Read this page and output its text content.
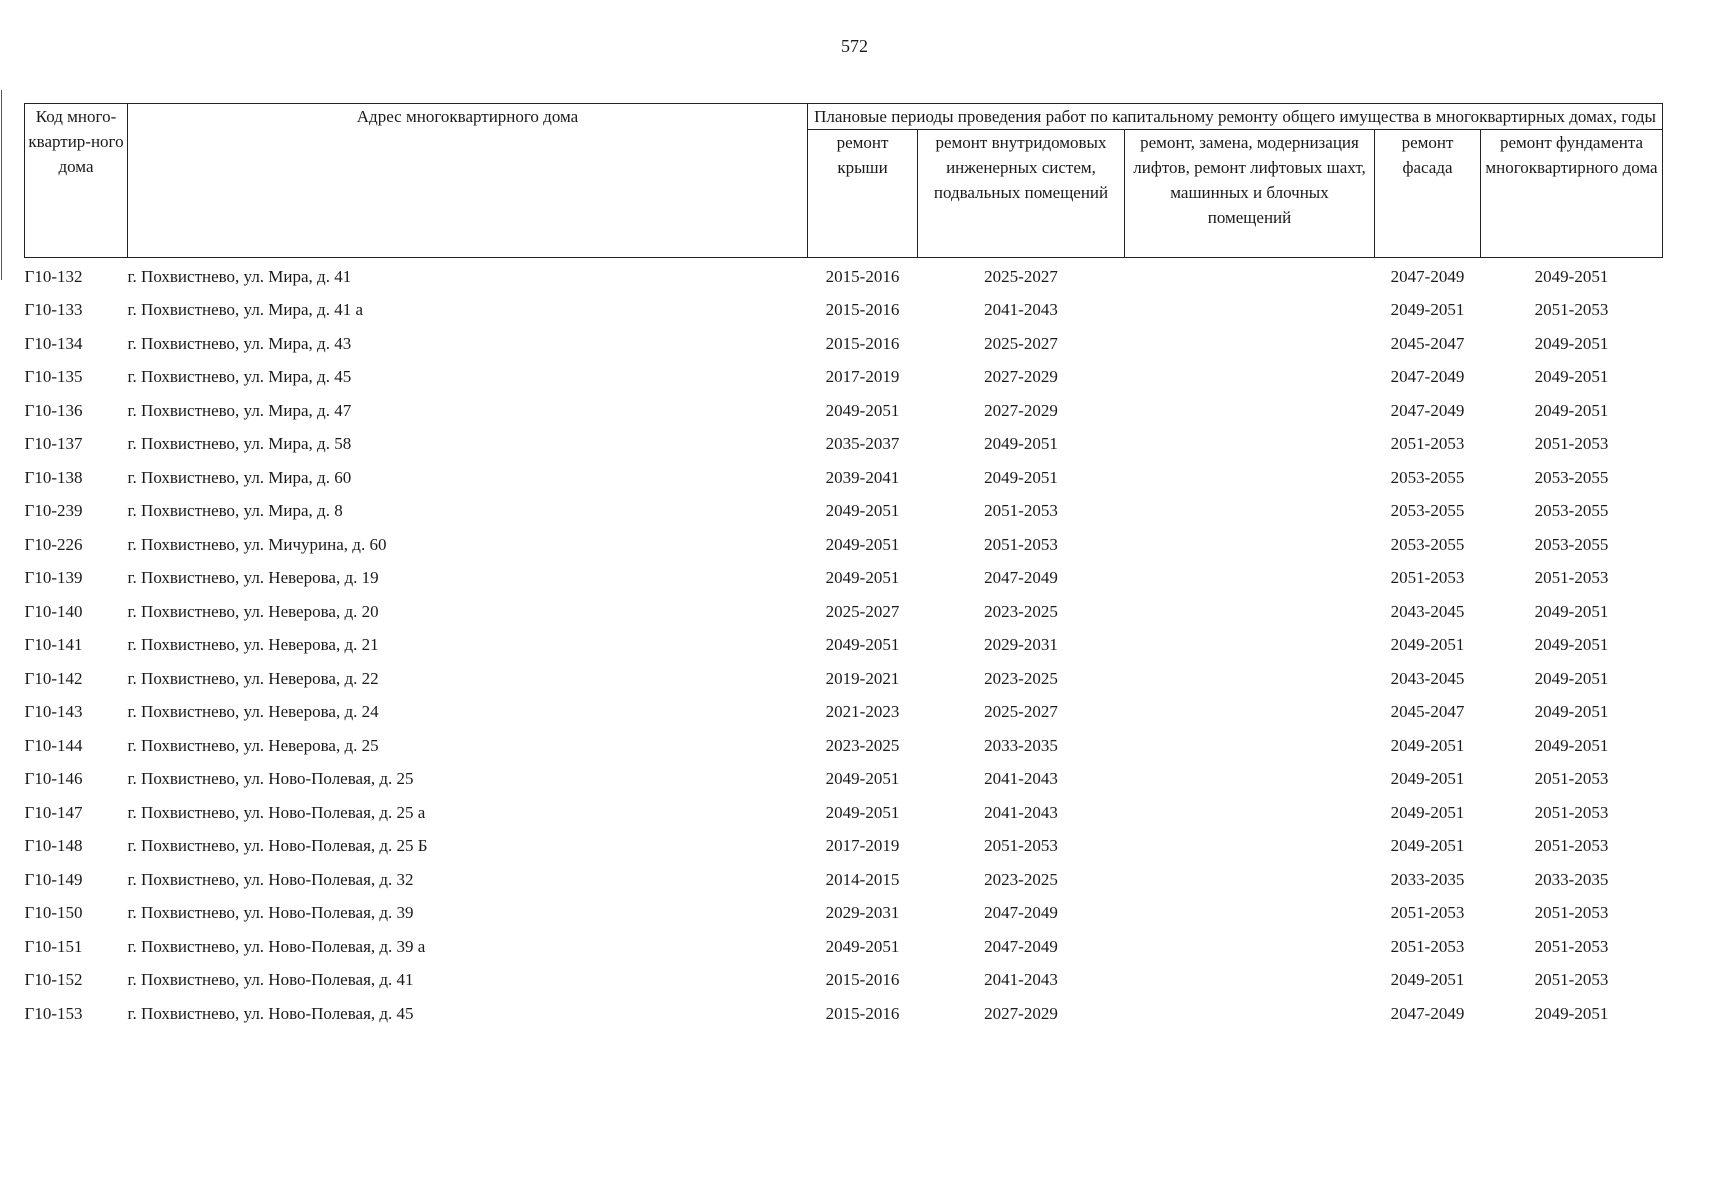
572
Код много-квартир-ного дома	Адрес многоквартирного дома	Плановые периоды проведения работ по капитальному ремонту общего имущества в многоквартирных домах, годы				
		ремонт крыши	ремонт внутридомовых инженерных систем, подвальных помещений	ремонт, замена, модернизация лифтов, ремонт лифтовых шахт, машинных и блочных помещений	ремонт фасада	ремонт фундамента многоквартирного дома
Г10-132	г. Похвистнево, ул. Мира, д. 41	2015-2016	2025-2027		2047-2049	2049-2051
Г10-133	г. Похвистнево, ул. Мира, д. 41 а	2015-2016	2041-2043		2049-2051	2051-2053
Г10-134	г. Похвистнево, ул. Мира, д. 43	2015-2016	2025-2027		2045-2047	2049-2051
Г10-135	г. Похвистнево, ул. Мира, д. 45	2017-2019	2027-2029		2047-2049	2049-2051
Г10-136	г. Похвистнево, ул. Мира, д. 47	2049-2051	2027-2029		2047-2049	2049-2051
Г10-137	г. Похвистнево, ул. Мира, д. 58	2035-2037	2049-2051		2051-2053	2051-2053
Г10-138	г. Похвистнево, ул. Мира, д. 60	2039-2041	2049-2051		2053-2055	2053-2055
Г10-239	г. Похвистнево, ул. Мира, д. 8	2049-2051	2051-2053		2053-2055	2053-2055
Г10-226	г. Похвистнево, ул. Мичурина, д. 60	2049-2051	2051-2053		2053-2055	2053-2055
Г10-139	г. Похвистнево, ул. Неверова, д. 19	2049-2051	2047-2049		2051-2053	2051-2053
Г10-140	г. Похвистнево, ул. Неверова, д. 20	2025-2027	2023-2025		2043-2045	2049-2051
Г10-141	г. Похвистнево, ул. Неверова, д. 21	2049-2051	2029-2031		2049-2051	2049-2051
Г10-142	г. Похвистнево, ул. Неверова, д. 22	2019-2021	2023-2025		2043-2045	2049-2051
Г10-143	г. Похвистнево, ул. Неверова, д. 24	2021-2023	2025-2027		2045-2047	2049-2051
Г10-144	г. Похвистнево, ул. Неверова, д. 25	2023-2025	2033-2035		2049-2051	2049-2051
Г10-146	г. Похвистнево, ул. Ново-Полевая, д. 25	2049-2051	2041-2043		2049-2051	2051-2053
Г10-147	г. Похвистнево, ул. Ново-Полевая, д. 25 а	2049-2051	2041-2043		2049-2051	2051-2053
Г10-148	г. Похвистнево, ул. Ново-Полевая, д. 25 Б	2017-2019	2051-2053		2049-2051	2051-2053
Г10-149	г. Похвистнево, ул. Ново-Полевая, д. 32	2014-2015	2023-2025		2033-2035	2033-2035
Г10-150	г. Похвистнево, ул. Ново-Полевая, д. 39	2029-2031	2047-2049		2051-2053	2051-2053
Г10-151	г. Похвистнево, ул. Ново-Полевая, д. 39 а	2049-2051	2047-2049		2051-2053	2051-2053
Г10-152	г. Похвистнево, ул. Ново-Полевая, д. 41	2015-2016	2041-2043		2049-2051	2051-2053
Г10-153	г. Похвистнево, ул. Ново-Полевая, д. 45	2015-2016	2027-2029		2047-2049	2049-2051
